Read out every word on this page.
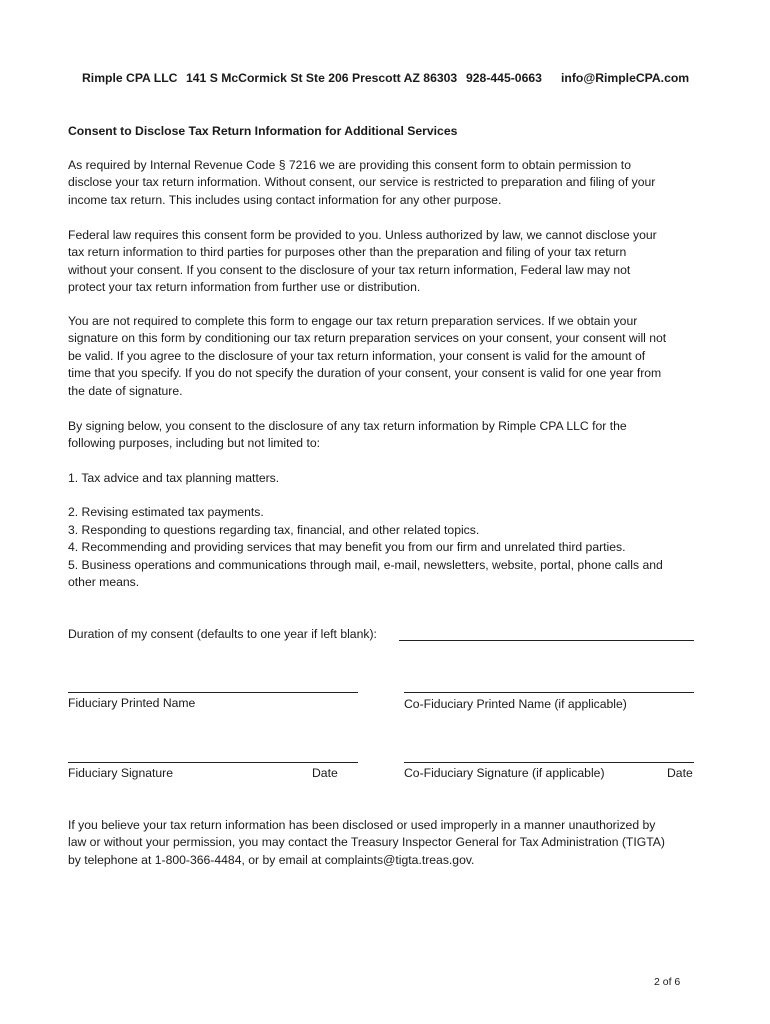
Rimple CPA LLC 141 S McCormick St Ste 206 Prescott AZ 86303 928-445-0663 info@RimpleCPA.com
Consent to Disclose Tax Return Information for Additional Services
As required by Internal Revenue Code § 7216 we are providing this consent form to obtain permission to
disclose your tax return information. Without consent, our service is restricted to preparation and filing of your
income tax return. This includes using contact information for any other purpose.
Federal law requires this consent form be provided to you. Unless authorized by law, we cannot disclose your
tax return information to third parties for purposes other than the preparation and filing of your tax return
without your consent. If you consent to the disclosure of your tax return information, Federal law may not
protect your tax return information from further use or distribution.
You are not required to complete this form to engage our tax return preparation services. If we obtain your
signature on this form by conditioning our tax return preparation services on your consent, your consent will not
be valid. If you agree to the disclosure of your tax return information, your consent is valid for the amount of
time that you specify. If you do not specify the duration of your consent, your consent is valid for one year from
the date of signature.
By signing below, you consent to the disclosure of any tax return information by Rimple CPA LLC for the
following purposes, including but not limited to:
1. Tax advice and tax planning matters.
2. Revising estimated tax payments.
3. Responding to questions regarding tax, financial, and other related topics.
4. Recommending and providing services that may benefit you from our firm and unrelated third parties.
5. Business operations and communications through mail, e-mail, newsletters, website, portal, phone calls and
other means.
Duration of my consent (defaults to one year if left blank):
Fiduciary Printed Name	Co-Fiduciary Printed Name (if applicable)
Fiduciary Signature	Date	Co-Fiduciary Signature (if applicable)	Date
If you believe your tax return information has been disclosed or used improperly in a manner unauthorized by
law or without your permission, you may contact the Treasury Inspector General for Tax Administration (TIGTA)
by telephone at 1-800-366-4484, or by email at complaints@tigta.treas.gov.
2 of 6
